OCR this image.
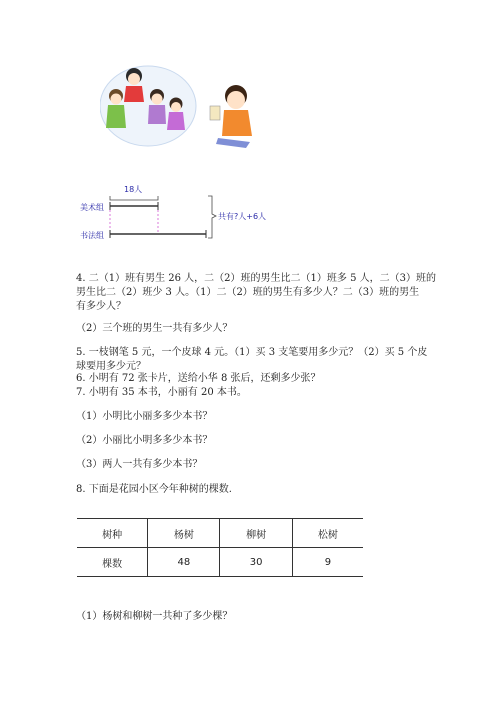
18人
美术组
书法组
共有?人+6人
4. 二（1）班有男生 26 人，二（2）班的男生比二（1）班多 5 人，二（3）班的
男生比二（2）班少 3 人。（1）二（2）班的男生有多少人？二（3）班的男生
有多少人？
（2）三个班的男生一共有多少人？
5. 一枝钢笔 5 元，一个皮球 4 元。（1）买 3 支笔要用多少元？（2）买 5 个皮
球要用多少元？
6. 小明有 72 张卡片，送给小华 8 张后，还剩多少张？
7. 小明有 35 本书，小丽有 20 本书。
（1）小明比小丽多多少本书？
（2）小丽比小明多多少本书？
（3）两人一共有多少本书？
8. 下面是花园小区今年种树的棵数.
树种	杨树	柳树	松树
棵数	48	30	9
（1）杨树和柳树一共种了多少棵？
